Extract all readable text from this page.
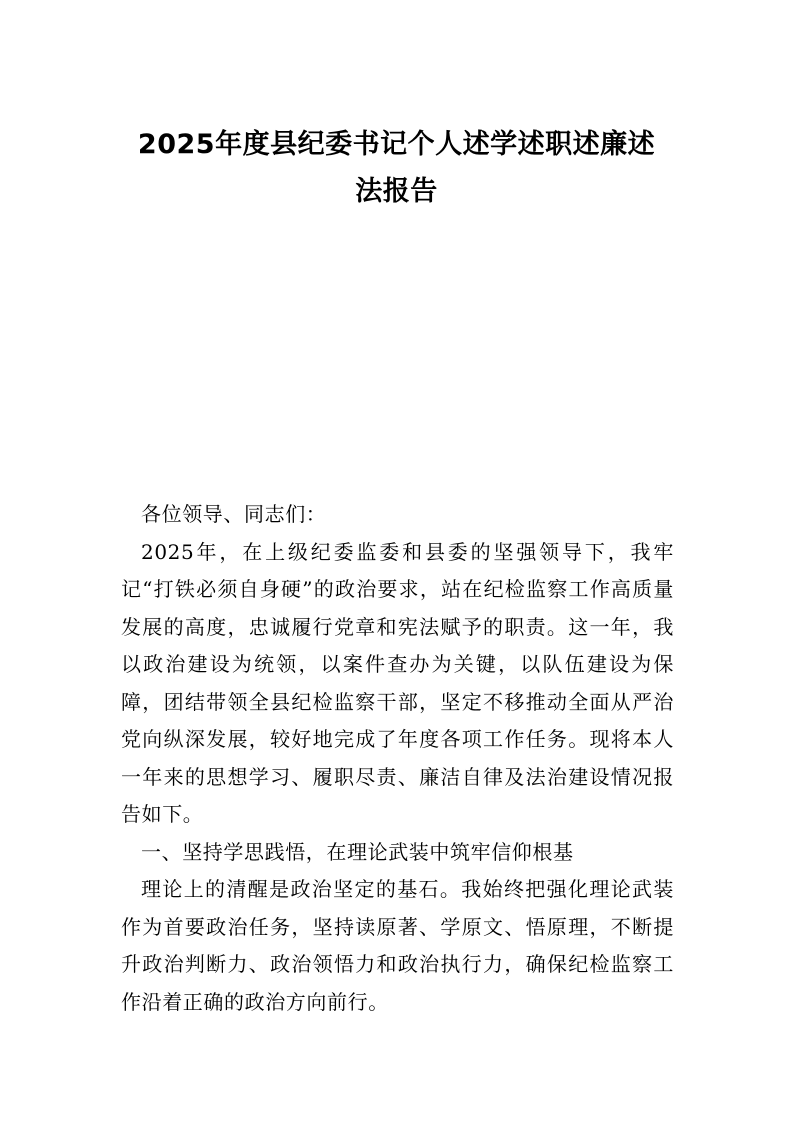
2025年度县纪委书记个人述学述职述廉述
法报告

各位领导、同志们：

2025年，在上级纪委监委和县委的坚强领导下，我牢记“打铁必须自身硬”的政治要求，站在纪检监察工作高质量发展的高度，忠诚履行党章和宪法赋予的职责。这一年，我以政治建设为统领，以案件查办为关键，以队伍建设为保障，团结带领全县纪检监察干部，坚定不移推动全面从严治党向纵深发展，较好地完成了年度各项工作任务。现将本人一年来的思想学习、履职尽责、廉洁自律及法治建设情况报告如下。

一、坚持学思践悟，在理论武装中筑牢信仰根基

理论上的清醒是政治坚定的基石。我始终把强化理论武装作为首要政治任务，坚持读原著、学原文、悟原理，不断提升政治判断力、政治领悟力和政治执行力，确保纪检监察工作沿着正确的政治方向前行。
